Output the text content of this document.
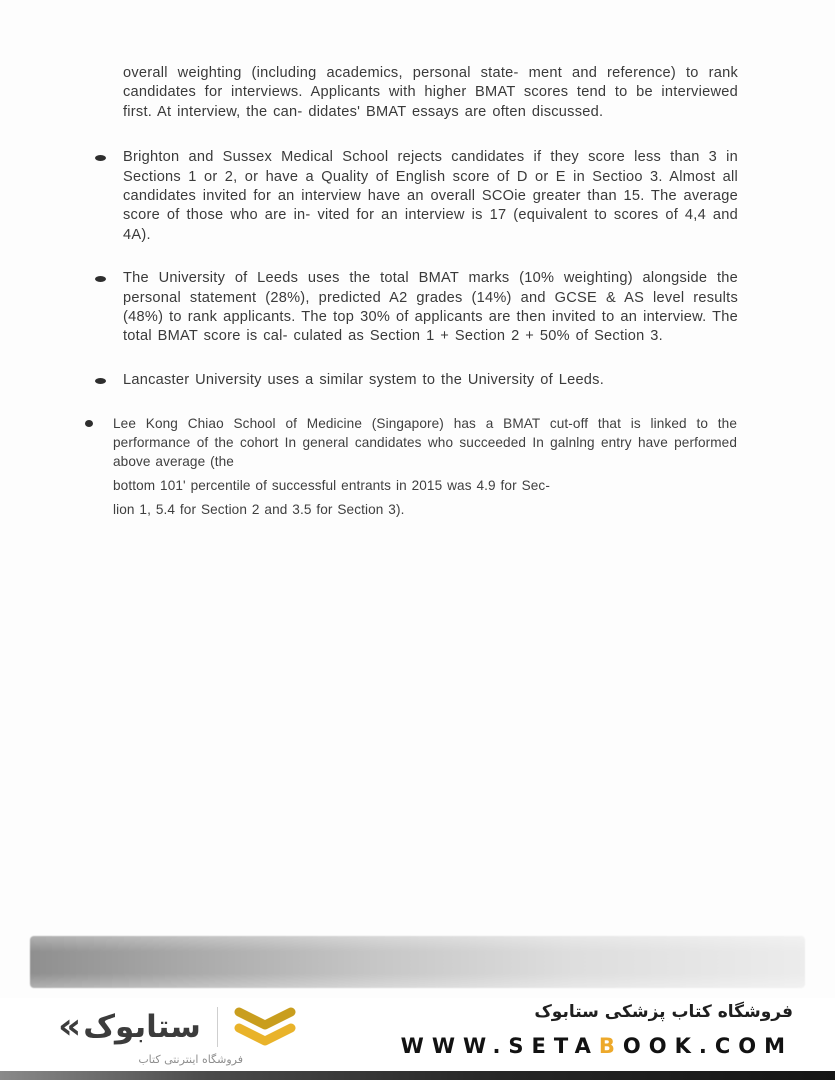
overall weighting (including academics, personal state- ment and reference) to rank candidates for interviews. Applicants with higher BMAT scores tend to be interviewed first. At interview, the can- didates' BMAT essays are often discussed.

Brighton and Sussex Medical School rejects candidates if they score less than 3 in Sections 1 or 2, or have a Quality of English score of D or E in Sectioo 3. Almost all candidates invited for an interview have an overall SCOie greater than 15. The average score of those who are in- vited for an interview is 17 (equivalent to scores of 4,4 and 4A).

The University of Leeds uses the total BMAT marks (10% weighting) alongside the personal statement (28%), predicted A2 grades (14%) and GCSE & AS level results (48%) to rank applicants. The top 30% of applicants are then invited to an interview. The total BMAT score is cal- culated as Section 1 + Section 2 + 50% of Section 3.

Lancaster University uses a similar system to the University of Leeds.

Lee Kong Chiao School of Medicine (Singapore) has a BMAT cut-off that is linked to the performance of the cohort In general candidates who succeeded In galnlng entry have performed above average (the

bottom 101' percentile of successful entrants in 2015 was 4.9 for Sec-

lion 1, 5.4 for Section 2 and 3.5 for Section 3).

« ستابوک
فروشگاه اینترنتی کتاب
فروشگاه کتاب پزشکی ستابوک
WWW.SETABOOK.COM
